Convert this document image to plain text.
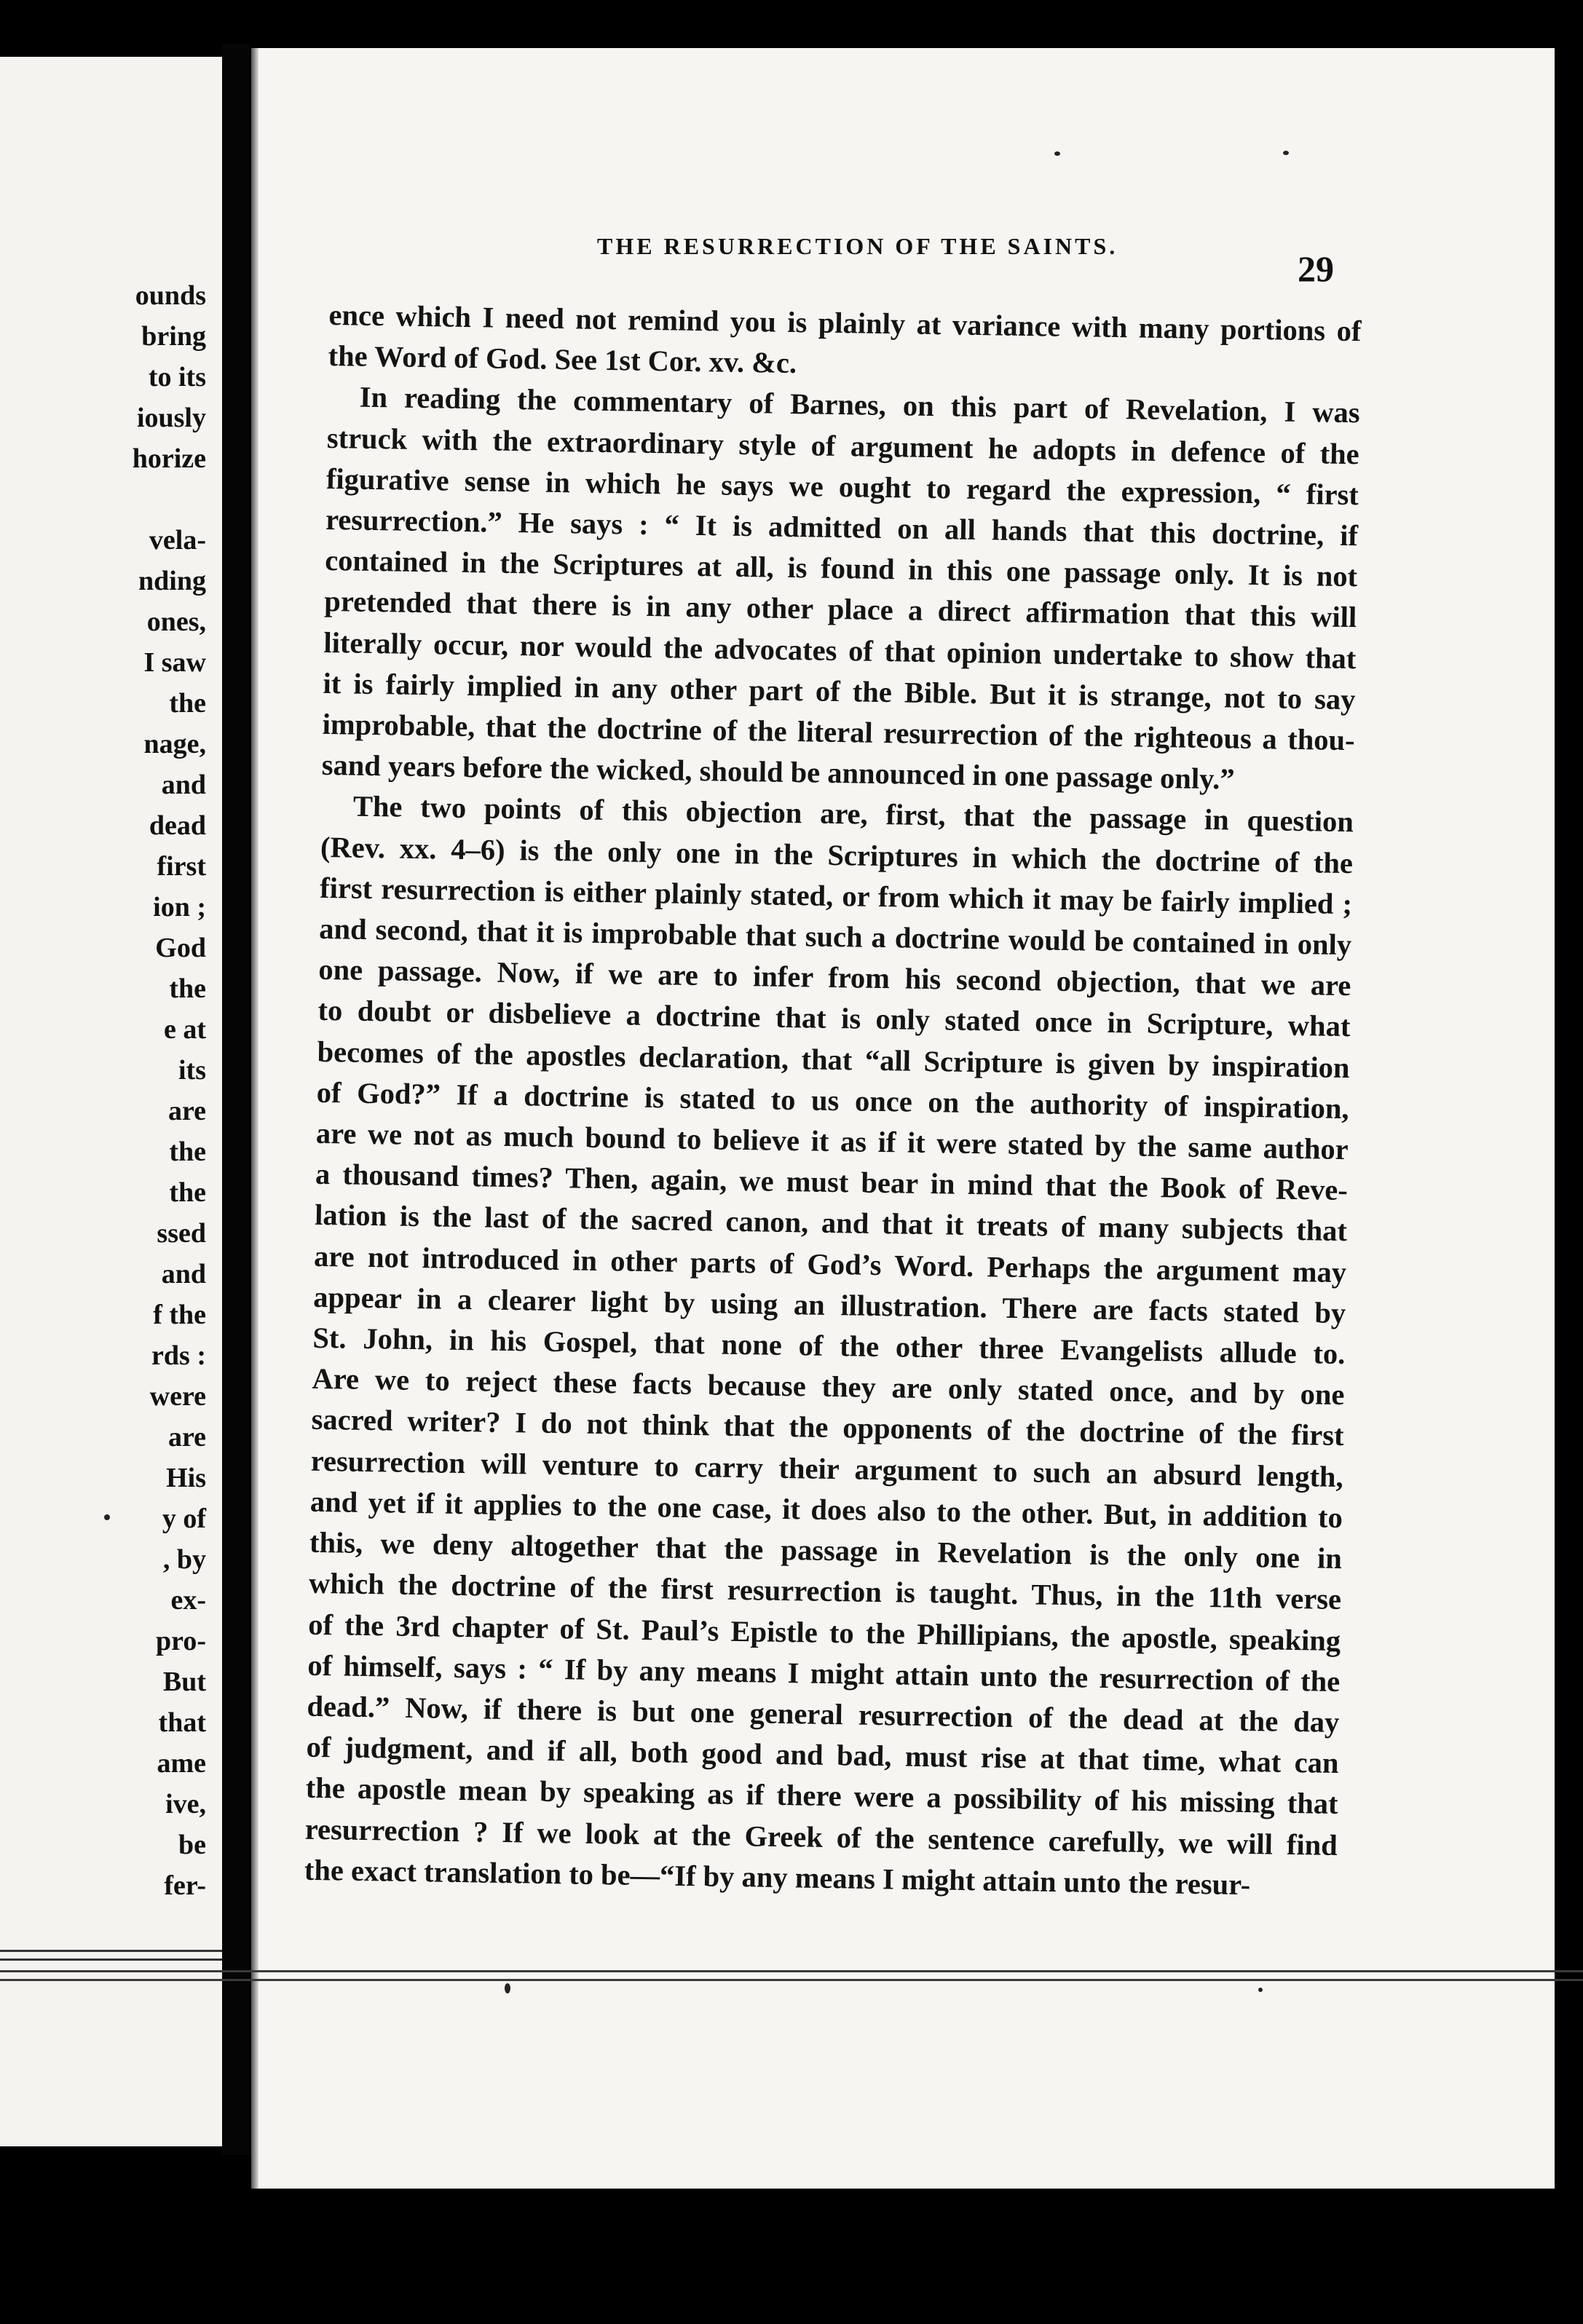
ounds
bring
to its
iously
horize

vela-
nding
ones,
I saw
the
nage,
and
dead
first
ion ;
God
the
e at
its
are
the
the
ssed
and
f the
rds :
were
are
His
y of
, by
ex-
pro-
But
that
ame
ive,
be
fer-
THE RESURRECTION OF THE SAINTS.
29
ence which I need not remind you is plainly at variance with many portions of
the Word of God. See 1st Cor. xv. &c.
In reading the commentary of Barnes, on this part of Revelation, I was
struck with the extraordinary style of argument he adopts in defence of the
figurative sense in which he says we ought to regard the expression, “ first
resurrection.” He says : “ It is admitted on all hands that this doctrine, if
contained in the Scriptures at all, is found in this one passage only. It is not
pretended that there is in any other place a direct affirmation that this will
literally occur, nor would the advocates of that opinion undertake to show that
it is fairly implied in any other part of the Bible. But it is strange, not to say
improbable, that the doctrine of the literal resurrection of the righteous a thou-
sand years before the wicked, should be announced in one passage only.”
The two points of this objection are, first, that the passage in question
(Rev. xx. 4–6) is the only one in the Scriptures in which the doctrine of the
first resurrection is either plainly stated, or from which it may be fairly implied ;
and second, that it is improbable that such a doctrine would be contained in only
one passage. Now, if we are to infer from his second objection, that we are
to doubt or disbelieve a doctrine that is only stated once in Scripture, what
becomes of the apostles declaration, that “all Scripture is given by inspiration
of God?” If a doctrine is stated to us once on the authority of inspiration,
are we not as much bound to believe it as if it were stated by the same author
a thousand times? Then, again, we must bear in mind that the Book of Reve-
lation is the last of the sacred canon, and that it treats of many subjects that
are not introduced in other parts of God’s Word. Perhaps the argument may
appear in a clearer light by using an illustration. There are facts stated by
St. John, in his Gospel, that none of the other three Evangelists allude to.
Are we to reject these facts because they are only stated once, and by one
sacred writer? I do not think that the opponents of the doctrine of the first
resurrection will venture to carry their argument to such an absurd length,
and yet if it applies to the one case, it does also to the other. But, in addition to
this, we deny altogether that the passage in Revelation is the only one in
which the doctrine of the first resurrection is taught. Thus, in the 11th verse
of the 3rd chapter of St. Paul’s Epistle to the Phillipians, the apostle, speaking
of himself, says : “ If by any means I might attain unto the resurrection of the
dead.” Now, if there is but one general resurrection of the dead at the day
of judgment, and if all, both good and bad, must rise at that time, what can
the apostle mean by speaking as if there were a possibility of his missing that
resurrection ? If we look at the Greek of the sentence carefully, we will find
the exact translation to be—“If by any means I might attain unto the resur-
